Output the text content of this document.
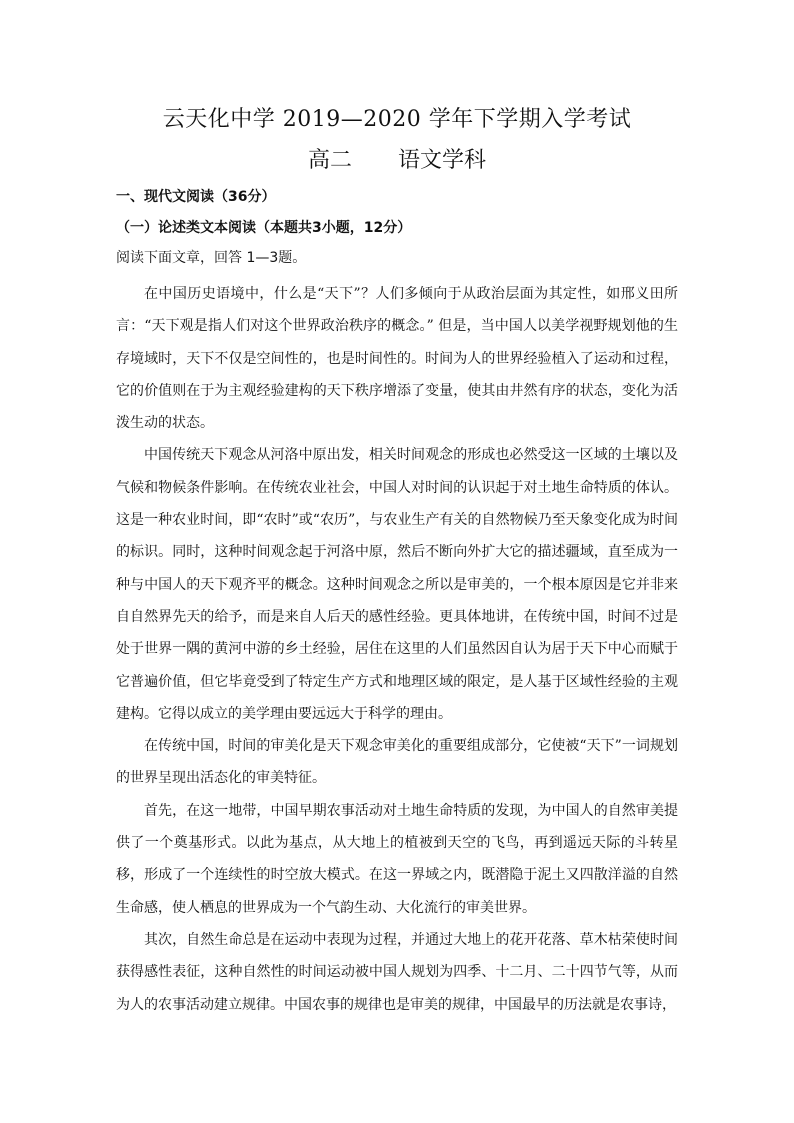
云天化中学 2019—2020 学年下学期入学考试
高二 语文学科
一、现代文阅读（36分）
（一）论述类文本阅读（本题共3小题，12分）
阅读下面文章，回答 1—3题。

在中国历史语境中，什么是“天下”？人们多倾向于从政治层面为其定性，如邢义田所言：“天下观是指人们对这个世界政治秩序的概念。” 但是，当中国人以美学视野规划他的生存境域时，天下不仅是空间性的，也是时间性的。时间为人的世界经验植入了运动和过程，它的价值则在于为主观经验建构的天下秩序增添了变量，使其由井然有序的状态，变化为活泼生动的状态。

中国传统天下观念从河洛中原出发，相关时间观念的形成也必然受这一区域的土壤以及气候和物候条件影响。在传统农业社会，中国人对时间的认识起于对土地生命特质的体认。这是一种农业时间，即“农时”或“农历”，与农业生产有关的自然物候乃至天象变化成为时间的标识。同时，这种时间观念起于河洛中原，然后不断向外扩大它的描述疆域，直至成为一种与中国人的天下观齐平的概念。这种时间观念之所以是审美的，一个根本原因是它并非来自自然界先天的给予，而是来自人后天的感性经验。更具体地讲，在传统中国，时间不过是处于世界一隅的黄河中游的乡土经验，居住在这里的人们虽然因自认为居于天下中心而赋于它普遍价值，但它毕竟受到了特定生产方式和地理区域的限定，是人基于区域性经验的主观建构。它得以成立的美学理由要远远大于科学的理由。

在传统中国，时间的审美化是天下观念审美化的重要组成部分，它使被“天下”一词规划的世界呈现出活态化的审美特征。

首先，在这一地带，中国早期农事活动对土地生命特质的发现，为中国人的自然审美提供了一个奠基形式。以此为基点，从大地上的植被到天空的飞鸟，再到遥远天际的斗转星移，形成了一个连续性的时空放大模式。在这一界域之内，既潜隐于泥土又四散洋溢的自然生命感，使人栖息的世界成为一个气韵生动、大化流行的审美世界。

其次，自然生命总是在运动中表现为过程，并通过大地上的花开花落、草木枯荣使时间获得感性表征，这种自然性的时间运动被中国人规划为四季、十二月、二十四节气等，从而为人的农事活动建立规律。中国农事的规律也是审美的规律，中国最早的历法就是农事诗，
